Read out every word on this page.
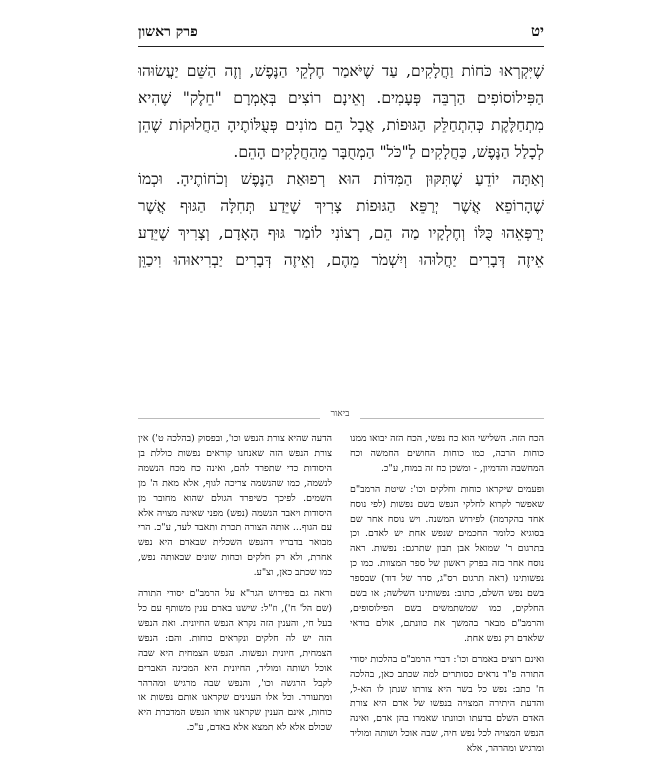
יט
פרק ראשון
שֶׁיִּקְרְאוּ כֹּחוֹת וַחֲלָקִים, עַד שֶׁיֹּאמַר חֶלְקֵי הַנֶּפֶשׁ, וְזֶה הַשֵּׁם יַעֲשׂוּהוּ
הַפִּילוֹסוֹפִים הַרְבֵּה פְּעָמִים. וְאֵינָם רוֹצִים בְּאָמְרָם "חֵלֶק" שֶׁהִיא
מִתְחַלֶּקֶת כְּהִתְחַלֵּק הַגּוּפוֹת, אֲבָל הֵם מוֹנִים פְּעֻלּוֹתֶיהָ הַחֲלוּקוֹת שֶׁהֵן
לְכָלַל הַנֶּפֶשׁ, כַּחֲלָקִים לַ"כֹּל" הַמְחֻבָּר מֵהַחֲלָקִים הָהֵם.
וְאַתָּה יוֹדֵעַ שֶׁתִּקּוּן הַמִּדּוֹת הוּא רְפוּאַת הַנֶּפֶשׁ וְכֹחוֹתֶיהָ. וּכְמוֹ
שֶׁהָרוֹפֵא אֲשֶׁר יְרַפֵּא הַגּוּפוֹת צָרִיךְ שֶׁיֵּדַע תְּחִלָּה הַגּוּף אֲשֶׁר
יְרַפְּאֵהוּ כֻּלּוֹ וְחֶלְקָיו מַה הֵם, רְצוֹנִי לוֹמַר גּוּף הָאָדָם, וְצָרִיךְ שֶׁיֵּדַע
אֵיזֶה דְּבָרִים יַחֲלוּהוּ וְיִשְׁמֹר מֵהֶם, וְאֵיזֶה דְּבָרִים יַבְרִיאוּהוּ וִיכַוֵּן
ביאור

הכח הזה. השלישי הוא כח נפשי, הכח הזה יבואו ממנו כוחות הרבה, כמו כוחות החושים החמשה וכח המחשבה והדמיון, - ומשכן כח זה במוח, ע"כ.

ופעמים שיקראו כוחות וחלקים וכו': שיטת הרמב"ם שאפשר לקרוא לחלקי הנפש בשם נפשות (לפי נוסח אחד בהקדמה) לפירוש המשנה. ויש נוסח אחר שם בסוגיא כלומר החכמים שנפש אחת יש לאדם. וכן בתרגום ר' שמואל אבן תבון שתרגם: נפשות. ראה נוסח אחר בזה בפרק ראשון של ספר המצוות. כמו כן נפשותינו (ראה תרגום רס"ג, סדר של דוד) שבספר בשם נפש השלם, כתוב: נפשותינו השלשה; או בשם החלקים, כמו שמשתמשים בשם הפילוסופים, והרמב"ם מבאר בהמשך את כוונתם, אולם בודאי שלאדם רק נפש אחת.

ואינם רוצים באמרם וכו': דברי הרמב"ם בהלכות יסודי התורה פ"ד נראים כסותרים למה שכתב כאן, בהלכה ח' כתב: נפש כל בשר היא צורתו שנתן לו הא-ל, והדעת היתירה המצויה בנפשו של אדם היא צורת האדם השלם בדעתו וכוונתו שאמרו בהן אדם, ואינה הנפש המצויה לכל נפש חיה, שבה אוכל ושותה ומוליד ומרגיש ומהרהר, אלא

הדעה שהיא צורת הנפש וכו', ובפסוק (בהלכה ט') אין צורת הנפש הזה שאנחנו קוראים נפשות כוללת בן היסודות כדי שתפרד להם, ואינה כח מכח הנשמה לנשמה, כמו שהנשמה צריכה לגוף, אלא מאת ה' מן השמים. לפיכך כשיפרד הגולם שהוא מחובר מן היסודות ויאבד הנשמה (נפש) מפני שאינה מצויה אלא עם הגוף... אותה הצורה תכרת ותאבד לעד, ע"כ. הרי מבואר בדבריו דהנפש השכלית שבאדם היא נפש אחרת, ולא רק חלקים וכחות שונים שבאותה נפש, כמו שכתב כאן, וצ"ע.

וראה גם בפירוש הגר"א על הרמב"ם יסודי התורה (שם הל' ח'), וז"ל: שישנו בארם ענין משותף עם כל בעל חי, והענין הזה נקרא הנפש החיונית. ואת הנפש הזה יש לה חלקים ונקראים כוחות. והם: הנפש הצמחית, חיונית ונפשות. הנפש הצמחית היא שבה אוכל ושותה ומוליד, החיונית היא המכינה האברים לקבל הרגשה וכו', והנפש שבה מרגיש ומהרהר ומתעורר. וכל אלו הענינים שקראנו אותם נפשות או כוחות, אינם הענין שקראנו אותו הנפש המדברת היא שכולם אלא לא תמצא אלא באדם, ע"כ.
